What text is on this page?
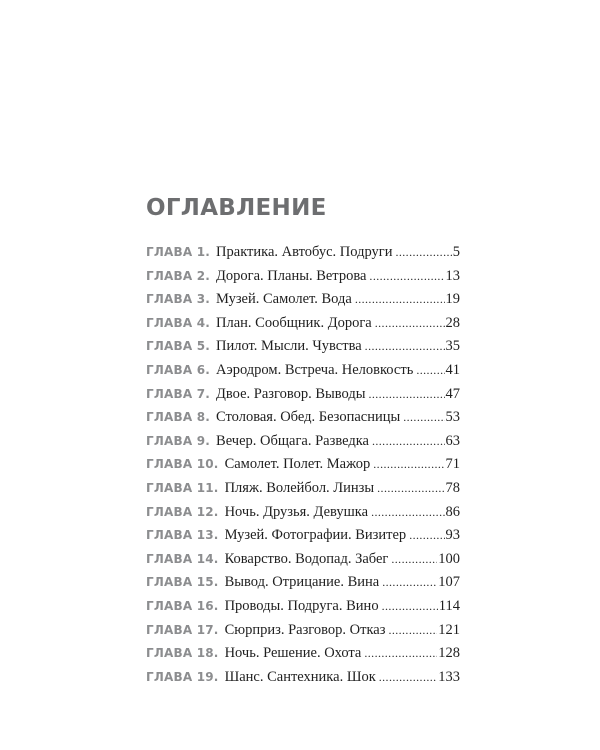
ОГЛАВЛЕНИЕ
ГЛАВА 1. Практика. Автобус. Подруги .....	5
ГЛАВА 2. Дорога. Планы. Ветрова .....	13
ГЛАВА 3. Музей. Самолет. Вода .....	19
ГЛАВА 4. План. Сообщник. Дорога .....	28
ГЛАВА 5. Пилот. Мысли. Чувства .....	35
ГЛАВА 6. Аэродром. Встреча. Неловкость ..... 41
ГЛАВА 7. Двое. Разговор. Выводы .....	47
ГЛАВА 8. Столовая. Обед. Безопасницы .....	53
ГЛАВА 9. Вечер. Общага. Разведка .....	63
ГЛАВА 10. Самолет. Полет. Мажор .....	71
ГЛАВА 11. Пляж. Волейбол. Линзы .....	78
ГЛАВА 12. Ночь. Друзья. Девушка .....	86
ГЛАВА 13. Музей. Фотографии. Визитер .....	93
ГЛАВА 14. Коварство. Водопад. Забег .....	100
ГЛАВА 15. Вывод. Отрицание. Вина .....	107
ГЛАВА 16. Проводы. Подруга. Вино .....	114
ГЛАВА 17. Сюрприз. Разговор. Отказ .....	121
ГЛАВА 18. Ночь. Решение. Охота .....	128
ГЛАВА 19. Шанс. Сантехника. Шок .....	133
